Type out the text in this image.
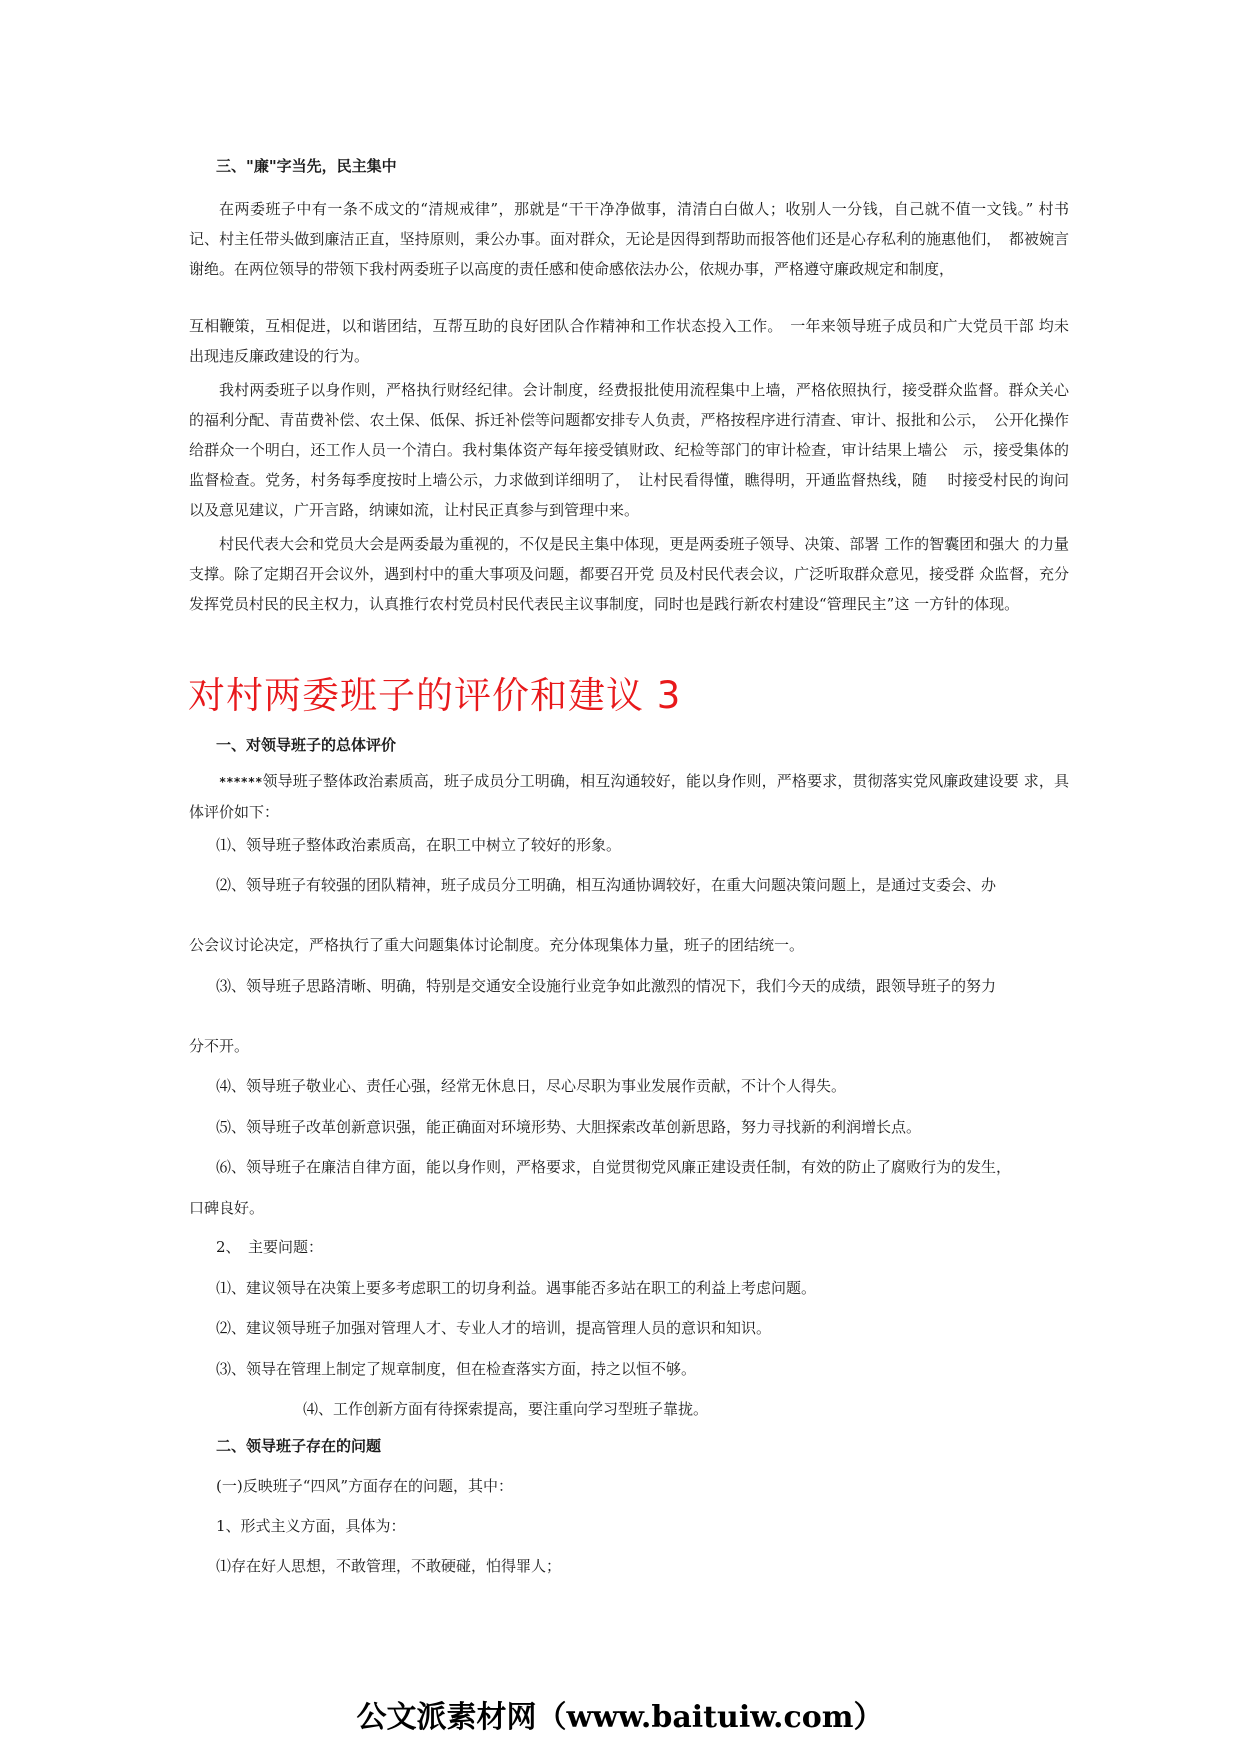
三、"廉"字当先，民主集中

在两委班子中有一条不成文的“清规戒律”，那就是“干干净净做事，清清白白做人；收别人一分钱，自己就不值一文钱。” 村书记、村主任带头做到廉洁正直，坚持原则，秉公办事。面对群众，无论是因得到帮助而报答他们还是心存私利的施惠他们，　都被婉言谢绝。在两位领导的带领下我村两委班子以高度的责任感和使命感依法办公，依规办事，严格遵守廉政规定和制度，

互相鞭策，互相促进，以和谐团结，互帮互助的良好团队合作精神和工作状态投入工作。　一年来领导班子成员和广大党员干部 均未出现违反廉政建设的行为。

我村两委班子以身作则，严格执行财经纪律。会计制度，经费报批使用流程集中上墙，严格依照执行，接受群众监督。群众关心的福利分配、青苗费补偿、农土保、低保、拆迁补偿等问题都安排专人负责，严格按程序进行清查、审计、报批和公示，　公开化操作给群众一个明白，还工作人员一个清白。我村集体资产每年接受镇财政、纪检等部门的审计检查，审计结果上墙公　示，接受集体的监督检查。党务，村务每季度按时上墙公示，力求做到详细明了，　让村民看得懂，瞧得明，开通监督热线，随　 时接受村民的询问以及意见建议，广开言路，纳谏如流，让村民正真参与到管理中来。

村民代表大会和党员大会是两委最为重视的，不仅是民主集中体现，更是两委班子领导、决策、部署 工作的智囊团和强大 的力量支撑。除了定期召开会议外，遇到村中的重大事项及问题，都要召开党 员及村民代表会议，广泛听取群众意见，接受群 众监督，充分发挥党员村民的民主权力，认真推行农村党员村民代表民主议事制度，同时也是践行新农村建设“管理民主”这 一方针的体现。

对村两委班子的评价和建议 3
一、对领导班子的总体评价

******领导班子整体政治素质高，班子成员分工明确，相互沟通较好，能以身作则，严格要求，贯彻落实党风廉政建设要 求，具体评价如下：

⑴、领导班子整体政治素质高，在职工中树立了较好的形象。
⑵、领导班子有较强的团队精神，班子成员分工明确，相互沟通协调较好，在重大问题决策问题上，是通过支委会、办
公会议讨论决定，严格执行了重大问题集体讨论制度。充分体现集体力量，班子的团结统一。
⑶、领导班子思路清晰、明确，特别是交通安全设施行业竞争如此激烈的情况下，我们今天的成绩，跟领导班子的努力
分不开。
⑷、领导班子敬业心、责任心强，经常无休息日，尽心尽职为事业发展作贡献，不计个人得失。
⑸、领导班子改革创新意识强，能正确面对环境形势、大胆探索改革创新思路，努力寻找新的利润增长点。
⑹、领导班子在廉洁自律方面，能以身作则，严格要求，自觉贯彻党风廉正建设责任制，有效的防止了腐败行为的发生，
口碑良好。
2、　主要问题：
⑴、建议领导在决策上要多考虑职工的切身利益。遇事能否多站在职工的利益上考虑问题。
⑵、建议领导班子加强对管理人才、专业人才的培训，提高管理人员的意识和知识。
⑶、领导在管理上制定了规章制度，但在检查落实方面，持之以恒不够。
⑷、工作创新方面有待探索提高，要注重向学习型班子靠拢。
二、领导班子存在的问题
(一)反映班子“四风”方面存在的问题，其中：
1、形式主义方面，具体为：
⑴存在好人思想，不敢管理，不敢硬碰，怕得罪人；
公文派素材网（www.baituiw.com）
